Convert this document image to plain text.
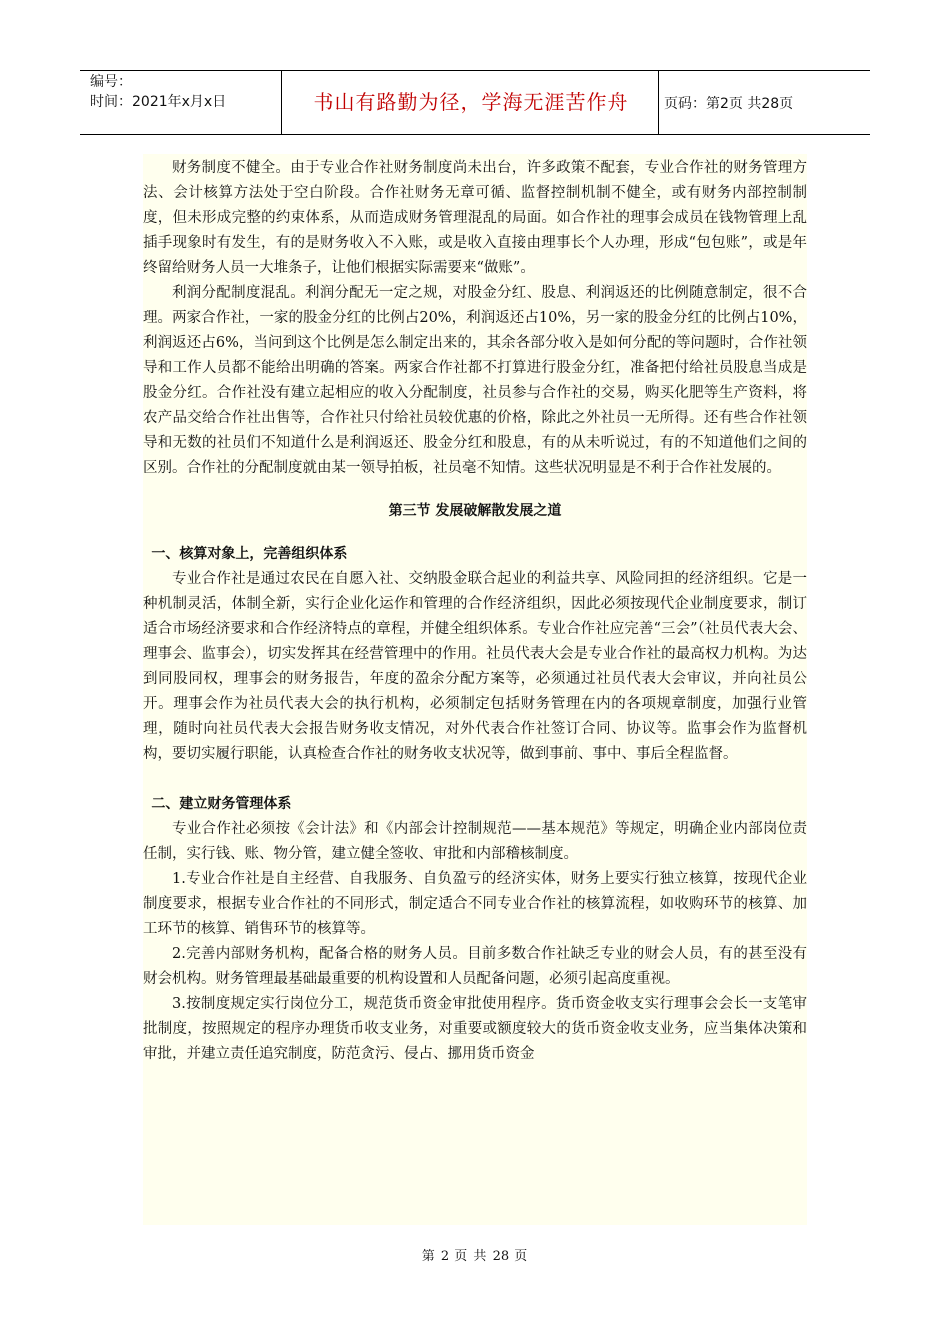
编号：
时间：2021年x月x日	书山有路勤为径，学海无涯苦作舟	页码：第2页 共28页

财务制度不健全。由于专业合作社财务制度尚未出台，许多政策不配套，专业合作社的财务管理方法、会计核算方法处于空白阶段。合作社财务无章可循、监督控制机制不健全，或有财务内部控制制度，但未形成完整的约束体系，从而造成财务管理混乱的局面。如合作社的理事会成员在钱物管理上乱插手现象时有发生，有的是财务收入不入账，或是收入直接由理事长个人办理，形成“包包账”，或是年终留给财务人员一大堆条子，让他们根据实际需要来“做账”。

利润分配制度混乱。利润分配无一定之规，对股金分红、股息、利润返还的比例随意制定，很不合理。两家合作社，一家的股金分红的比例占20%，利润返还占10%，另一家的股金分红的比例占10%，利润返还占6%，当问到这个比例是怎么制定出来的，其余各部分收入是如何分配的等问题时，合作社领导和工作人员都不能给出明确的答案。两家合作社都不打算进行股金分红，准备把付给社员股息当成是股金分红。合作社没有建立起相应的收入分配制度，社员参与合作社的交易，购买化肥等生产资料，将农产品交给合作社出售等，合作社只付给社员较优惠的价格，除此之外社员一无所得。还有些合作社领导和无数的社员们不知道什么是利润返还、股金分红和股息，有的从未听说过，有的不知道他们之间的区别。合作社的分配制度就由某一领导拍板，社员毫不知情。这些状况明显是不利于合作社发展的。

第三节 发展破解散发展之道

一、核算对象上，完善组织体系

专业合作社是通过农民在自愿入社、交纳股金联合起业的利益共享、风险同担的经济组织。它是一种机制灵活，体制全新，实行企业化运作和管理的合作经济组织，因此必须按现代企业制度要求，制订适合市场经济要求和合作经济特点的章程，并健全组织体系。专业合作社应完善“三会”（社员代表大会、理事会、监事会），切实发挥其在经营管理中的作用。社员代表大会是专业合作社的最高权力机构。为达到同股同权，理事会的财务报告，年度的盈余分配方案等，必须通过社员代表大会审议，并向社员公开。理事会作为社员代表大会的执行机构，必须制定包括财务管理在内的各项规章制度，加强行业管理，随时向社员代表大会报告财务收支情况，对外代表合作社签订合同、协议等。监事会作为监督机构，要切实履行职能，认真检查合作社的财务收支状况等，做到事前、事中、事后全程监督。

二、建立财务管理体系

专业合作社必须按《会计法》和《内部会计控制规范——基本规范》等规定，明确企业内部岗位责任制，实行钱、账、物分管，建立健全签收、审批和内部稽核制度。

1.专业合作社是自主经营、自我服务、自负盈亏的经济实体，财务上要实行独立核算，按现代企业制度要求，根据专业合作社的不同形式，制定适合不同专业合作社的核算流程，如收购环节的核算、加工环节的核算、销售环节的核算等。

2.完善内部财务机构，配备合格的财务人员。目前多数合作社缺乏专业的财会人员，有的甚至没有财会机构。财务管理最基础最重要的机构设置和人员配备问题，必须引起高度重视。

3.按制度规定实行岗位分工，规范货币资金审批使用程序。货币资金收支实行理事会会长一支笔审批制度，按照规定的程序办理货币收支业务，对重要或额度较大的货币资金收支业务，应当集体决策和审批，并建立责任追究制度，防范贪污、侵占、挪用货币资金

第 2 页 共 28 页
